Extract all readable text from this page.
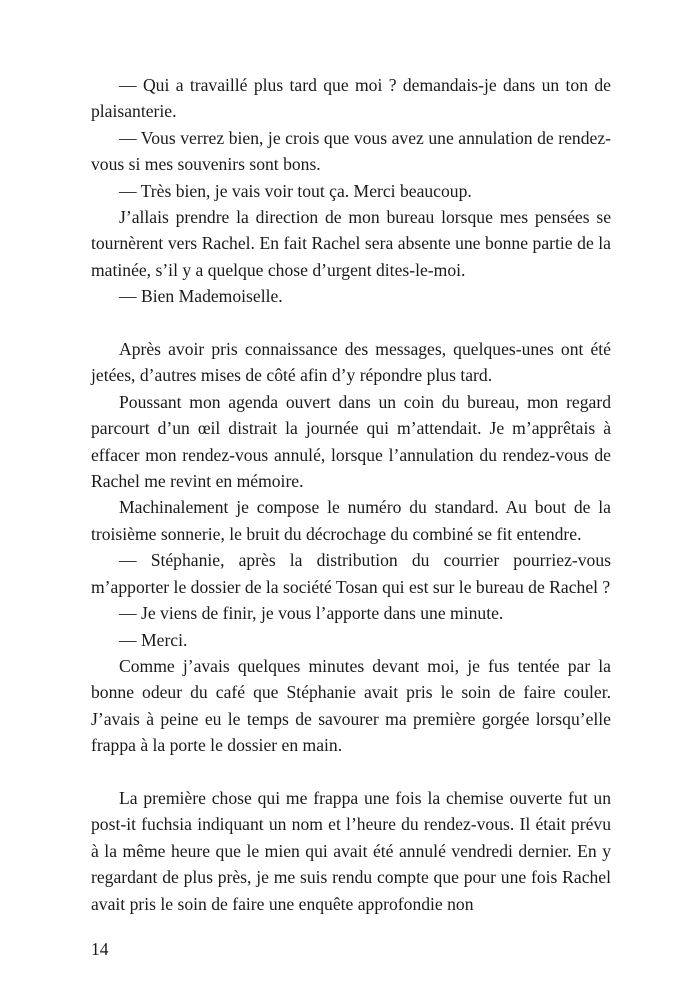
— Qui a travaillé plus tard que moi ? demandais-je dans un ton de plaisanterie.

— Vous verrez bien, je crois que vous avez une annulation de rendez-vous si mes souvenirs sont bons.

— Très bien, je vais voir tout ça. Merci beaucoup.

J’allais prendre la direction de mon bureau lorsque mes pensées se tournèrent vers Rachel. En fait Rachel sera absente une bonne partie de la matinée, s’il y a quelque chose d’urgent dites-le-moi.

— Bien Mademoiselle.

Après avoir pris connaissance des messages, quelques-unes ont été jetées, d’autres mises de côté afin d’y répondre plus tard.

Poussant mon agenda ouvert dans un coin du bureau, mon regard parcourt d’un œil distrait la journée qui m’attendait. Je m’apprêtais à effacer mon rendez-vous annulé, lorsque l’annulation du rendez-vous de Rachel me revint en mémoire.

Machinalement je compose le numéro du standard. Au bout de la troisième sonnerie, le bruit du décrochage du combiné se fit entendre.

— Stéphanie, après la distribution du courrier pourriez-vous m’apporter le dossier de la société Tosan qui est sur le bureau de Rachel ?

— Je viens de finir, je vous l’apporte dans une minute.

— Merci.

Comme j’avais quelques minutes devant moi, je fus tentée par la bonne odeur du café que Stéphanie avait pris le soin de faire couler. J’avais à peine eu le temps de savourer ma première gorgée lorsqu’elle frappa à la porte le dossier en main.

La première chose qui me frappa une fois la chemise ouverte fut un post-it fuchsia indiquant un nom et l’heure du rendez-vous. Il était prévu à la même heure que le mien qui avait été annulé vendredi dernier. En y regardant de plus près, je me suis rendu compte que pour une fois Rachel avait pris le soin de faire une enquête approfondie non

14
